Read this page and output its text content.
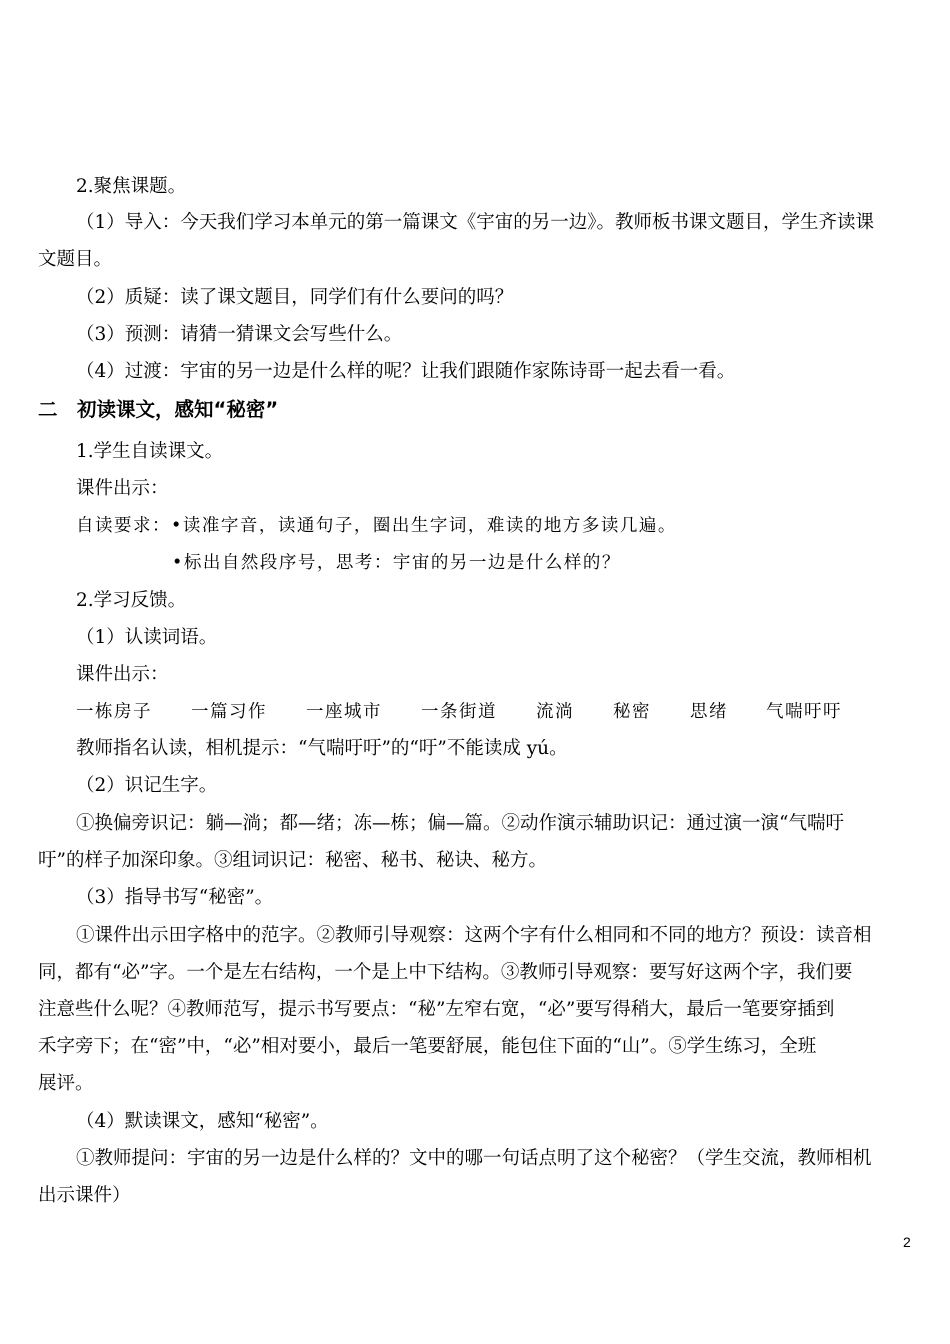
2.聚焦课题。
（1）导入：今天我们学习本单元的第一篇课文《宇宙的另一边》。教师板书课文题目，学生齐读课
文题目。
（2）质疑：读了课文题目，同学们有什么要问的吗？
（3）预测：请猜一猜课文会写些什么。
（4）过渡：宇宙的另一边是什么样的呢？让我们跟随作家陈诗哥一起去看一看。
二　初读课文，感知“秘密”
1.学生自读课文。
课件出示：
自读要求：•读准字音，读通句子，圈出生字词，难读的地方多读几遍。
•标出自然段序号，思考：宇宙的另一边是什么样的？
2.学习反馈。
（1）认读词语。
课件出示：
一栋房子 一篇习作 一座城市 一条街道 流淌 秘密 思绪 气喘吁吁
教师指名认读，相机提示：“气喘吁吁”的“吁”不能读成 yú。
（2）识记生字。
①换偏旁识记：躺—淌；都—绪；冻—栋；偏—篇。②动作演示辅助识记：通过演一演“气喘吁
吁”的样子加深印象。③组词识记：秘密、秘书、秘诀、秘方。
（3）指导书写“秘密”。
①课件出示田字格中的范字。②教师引导观察：这两个字有什么相同和不同的地方？预设：读音相
同，都有“必”字。一个是左右结构，一个是上中下结构。③教师引导观察：要写好这两个字，我们要
注意些什么呢？④教师范写，提示书写要点：“秘”左窄右宽，“必”要写得稍大，最后一笔要穿插到
禾字旁下；在“密”中，“必”相对要小，最后一笔要舒展，能包住下面的“山”。⑤学生练习，全班
展评。
（4）默读课文，感知“秘密”。
①教师提问：宇宙的另一边是什么样的？文中的哪一句话点明了这个秘密？（学生交流，教师相机
出示课件）
2
